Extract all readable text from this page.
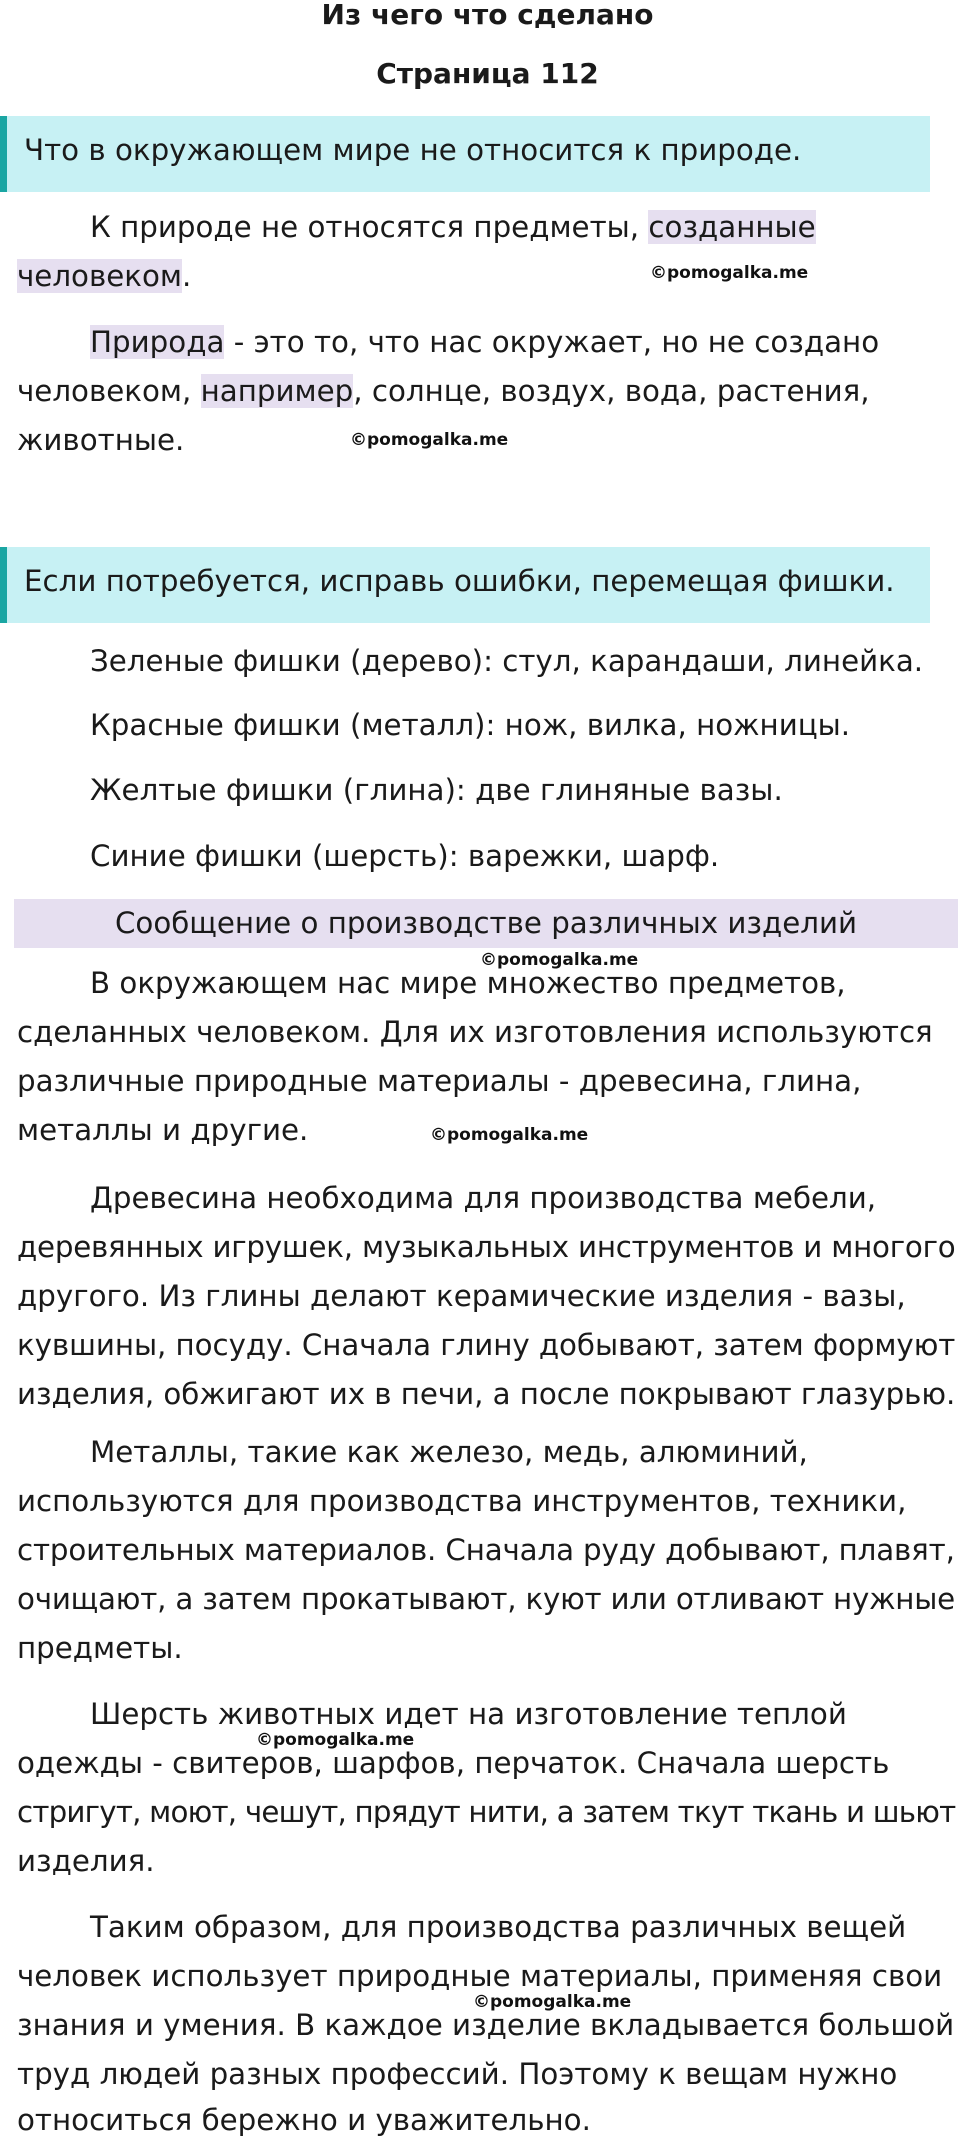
Из чего что сделано
Страница 112
Что в окружающем мире не относится к природе.
К природе не относятся предметы, созданные
человеком.	©pomogalka.me
Природа - это то, что нас окружает, но не создано
человеком, например, солнце, воздух, вода, растения,
животные.	©pomogalka.me
Если потребуется, исправь ошибки, перемещая фишки.
Зеленые фишки (дерево): стул, карандаши, линейка.
Красные фишки (металл): нож, вилка, ножницы.
Желтые фишки (глина): две глиняные вазы.
Синие фишки (шерсть): варежки, шарф.
Сообщение о производстве различных изделий
©pomogalka.me
В окружающем нас мире множество предметов,
сделанных человеком. Для их изготовления используются
различные природные материалы - древесина, глина,
металлы и другие.	©pomogalka.me
Древесина необходима для производства мебели,
деревянных игрушек, музыкальных инструментов и многого
другого. Из глины делают керамические изделия - вазы,
кувшины, посуду. Сначала глину добывают, затем формуют
изделия, обжигают их в печи, а после покрывают глазурью.
Металлы, такие как железо, медь, алюминий,
используются для производства инструментов, техники,
строительных материалов. Сначала руду добывают, плавят,
очищают, а затем прокатывают, куют или отливают нужные
предметы.
Шерсть животных идет на изготовление теплой
©pomogalka.me
одежды - свитеров, шарфов, перчаток. Сначала шерсть
стригут, моют, чешут, прядут нити, а затем ткут ткань и шьют
изделия.
Таким образом, для производства различных вещей
человек использует природные материалы, применяя свои
©pomogalka.me
знания и умения. В каждое изделие вкладывается большой
труд людей разных профессий. Поэтому к вещам нужно
относиться бережно и уважительно.
